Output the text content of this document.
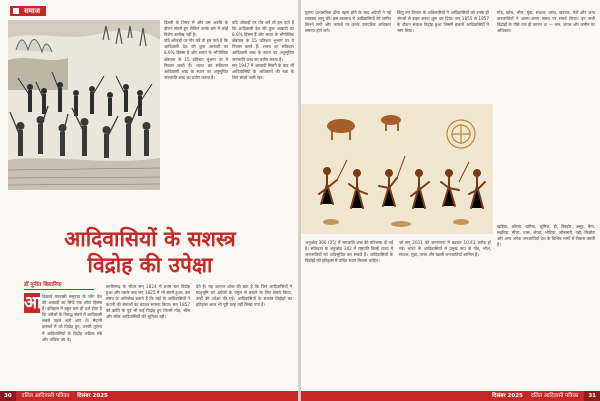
समाज
दिल्ली के विषय में और उस अवधि के दौरान संघर्ष हुए लेकिन उनके बारे में कोई विशेष उल्लेख नहीं है।
यदि ऑकड़ों पर गौर करें तो हम पाते हैं कि आदिवासी देश की कुल आबादी का 8.6% हिस्सा हैं और भारत के भौगोलिक क्षेत्रफल के 15 प्रतिशत भूभाग पर ये निवास करते हैं। भारत का संविधान आदिवासी शब्द के स्थान पर अनुसूचित जनजाति शब्द का प्रयोग करता है।
यदि ऑकड़ों पर गौर करें तो हम पाते हैं कि आदिवासी देश की कुल आबादी का 8.6% हिस्सा हैं और भारत के भौगोलिक क्षेत्रफल के 15 प्रतिशत भूभाग पर ये निवास करते हैं। भारत का संविधान आदिवासी शब्द के स्थान पर अनुसूचित जनजाति शब्द का प्रयोग करता है।
सन् 1947 में आजादी मिलने के बाद भी आदिवासियों के अधिकारों की रक्षा के लिए संघर्ष जारी रहा।
आदिवासियों के सशस्त्र
विद्रोह की उपेक्षा
डॉ पुनीत बिसारिया
आ दिखावे वनवासी समुदाय के लोग देश की आबादी का सिर्फ एक छोटा हिस्सा हैं। इतिहास में बहुत कम ही दर्ज होता है कि अंग्रेजों के विरुद्ध संघर्ष में आदिवासी सबसे पहले आगे आए थे। मैदानी इलाकों में जो विद्रोह हुए, उनकी तुलना में आदिवासियों के विद्रोह अधिक लंबे और अधिक उग्र थे।
छत्तीसगढ़ के भीतर सन् 1824 में प्रथम बार विद्रोह हुआ और उसके बाद सन् 1825 में भी संघर्ष हुआ। उस समय के अभिलेख बताते हैं कि वहाँ के आदिवासियों ने कंपनी की सेनाओं का डटकर सामना किया। सन् 1857 की क्रांति के पूर्व भी कई विद्रोह हुए जिनमें गोंड, भील और कोल आदिवासियों की भूमिका रही।
देते हैं। यह अत्यन्त शोक की बात है कि जिन आदिवासियों ने मातृभूमि को अंग्रेजों के चंगुल से बचाने के लिए संघर्ष किया, उन्हीं की उपेक्षा की गई। आदिवासियों के सशस्त्र विद्रोहों का इतिहास आज भी पूरी तरह नहीं लिखा गया है।
30 दलित आदिवासी पत्रिका दिसंबर 2025
पुराना प्रशासनिक ढाँचा खत्म होने के बाद अंग्रेजों ने नई व्यवस्था लागू की। इस व्यवस्था में आदिवासियों की जमीन छिनने लगी और जंगलों पर उनके पारंपरिक अधिकार समाप्त होने लगे।
किंतु वन विभाग के अधिकारियों ने आदिवासियों को उनके ही जंगलों से बाहर करना शुरू कर दिया। सन् 1855 से 1857 के दौरान संथाल विद्रोह हुआ जिसमें हजारों आदिवासियों ने भाग लिया।
गोंड, कोल, भील, मुंडा, संथाल, उरांव, खरवार, चेरो और अन्य जनजातियों ने अलग-अलग समय पर संघर्ष किया। इन सभी विद्रोहों के पीछे एक ही कारण था — जल, जंगल और जमीन पर अधिकार।
अनुच्छेद 366 (25) में जनजाति शब्द की परिभाषा दी गई है। संविधान के अनुच्छेद 342 में राष्ट्रपति किसी राज्य में जनजातियों को अधिसूचित कर सकते हैं। आदिवासियों के विद्रोहों को इतिहास में उचित स्थान मिलना चाहिए।
जो सन् 2011 की जनगणना में बढ़कर 10.43 करोड़ हो गई। भारत के आदिवासियों में प्रमुख रूप से गोंड, भील, संथाल, मुंडा, उरांव और खासी जनजातियाँ शामिल हैं।
खड़िया, कोरवा, खरिया, भूमिज, हो, बिरहोर, असुर, बैगा, सहरिया, मीणा, थारू, लेप्चा, भोटिया, जौनसारी, गद्दी, किन्नौरा और अन्य अनेक जनजातियाँ देश के विभिन्न भागों में निवास करती हैं।
दिसंबर 2025 दलित आदिवासी पत्रिका 31
